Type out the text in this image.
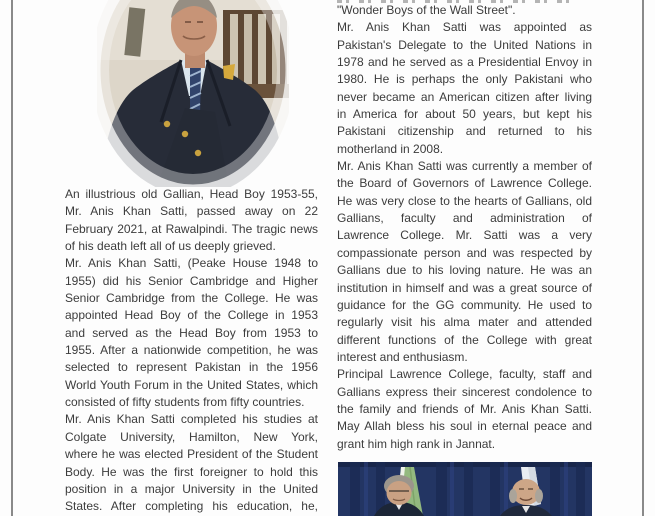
An illustrious old Gallian, Head Boy 1953-55,
Mr. Anis Khan Satti, passed away on 22
February 2021, at Rawalpindi. The tragic news
of his death left all of us deeply grieved.
Mr. Anis Khan Satti, (Peake House 1948 to
1955) did his Senior Cambridge and Higher
Senior Cambridge from the College. He was
appointed Head Boy of the College in 1953
and served as the Head Boy from 1953 to
1955. After a nationwide competition, he was
selected to represent Pakistan in the 1956
World Youth Forum in the United States, which
consisted of fifty students from fifty countries.
Mr. Anis Khan Satti completed his studies at
Colgate University, Hamilton, New York,
where he was elected President of the Student
Body. He was the first foreigner to hold this
position in a major University in the United
States. After completing his education, he,
"Wonder Boys of the Wall Street".
Mr. Anis Khan Satti was appointed as
Pakistan's Delegate to the United Nations in
1978 and he served as a Presidential Envoy in
1980. He is perhaps the only Pakistani who
never became an American citizen after living
in America for about 50 years, but kept his
Pakistani citizenship and returned to his
motherland in 2008.
Mr. Anis Khan Satti was currently a member of
the Board of Governors of Lawrence College.
He was very close to the hearts of Gallians, old
Gallians, faculty and administration of
Lawrence College. Mr. Satti was a very
compassionate person and was respected by
Gallians due to his loving nature. He was an
institution in himself and was a great source of
guidance for the GG community. He used to
regularly visit his alma mater and attended
different functions of the College with great
interest and enthusiasm.
Principal Lawrence College, faculty, staff and
Gallians express their sincerest condolence to
the family and friends of Mr. Anis Khan Satti.
May Allah bless his soul in eternal peace and
grant him high rank in Jannat.
